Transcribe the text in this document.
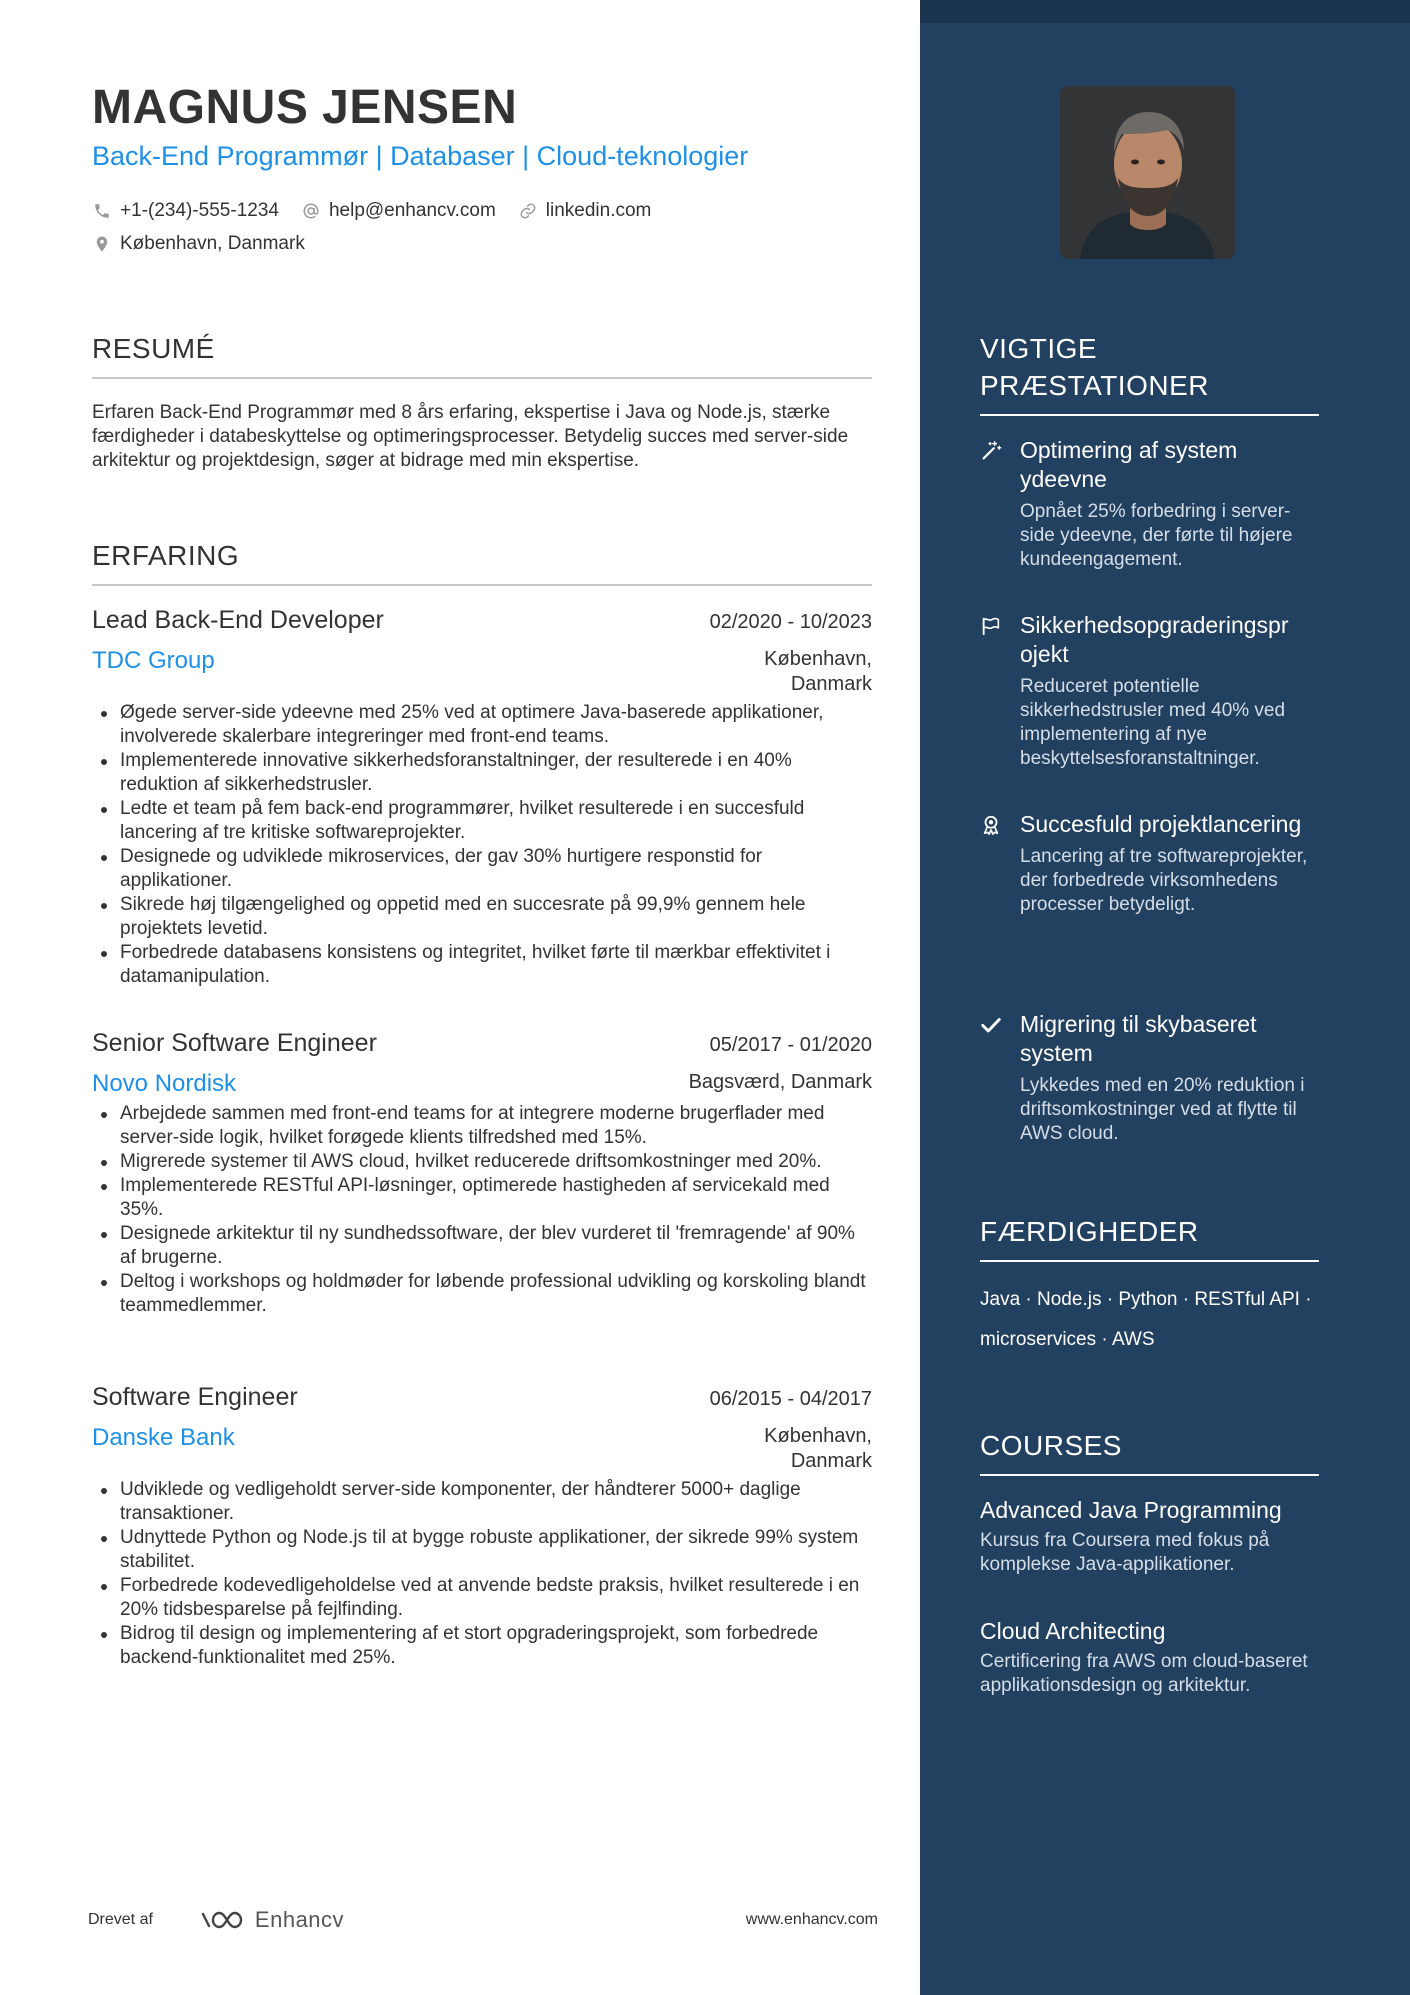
MAGNUS JENSEN
Back-End Programmør | Databaser | Cloud-teknologier
+1-(234)-555-1234	help@enhancv.com	linkedin.com
København, Danmark
RESUMÉ
Erfaren Back-End Programmør med 8 års erfaring, ekspertise i Java og Node.js, stærke færdigheder i databeskyttelse og optimeringsprocesser. Betydelig succes med server-side arkitektur og projektdesign, søger at bidrage med min ekspertise.
ERFARING
Lead Back-End Developer	02/2020 - 10/2023
TDC Group	København,
Danmark
Øgede server-side ydeevne med 25% ved at optimere Java-baserede applikationer, involverede skalerbare integreringer med front-end teams.
Implementerede innovative sikkerhedsforanstaltninger, der resulterede i en 40% reduktion af sikkerhedstrusler.
Ledte et team på fem back-end programmører, hvilket resulterede i en succesfuld lancering af tre kritiske softwareprojekter.
Designede og udviklede mikroservices, der gav 30% hurtigere responstid for applikationer.
Sikrede høj tilgængelighed og oppetid med en succesrate på 99,9% gennem hele projektets levetid.
Forbedrede databasens konsistens og integritet, hvilket førte til mærkbar effektivitet i datamanipulation.
Senior Software Engineer	05/2017 - 01/2020
Novo Nordisk	Bagsværd, Danmark
Arbejdede sammen med front-end teams for at integrere moderne brugerflader med server-side logik, hvilket forøgede klients tilfredshed med 15%.
Migrerede systemer til AWS cloud, hvilket reducerede driftsomkostninger med 20%.
Implementerede RESTful API-løsninger, optimerede hastigheden af servicekald med 35%.
Designede arkitektur til ny sundhedssoftware, der blev vurderet til 'fremragende' af 90% af brugerne.
Deltog i workshops og holdmøder for løbende professional udvikling og korskoling blandt teammedlemmer.
Software Engineer	06/2015 - 04/2017
Danske Bank	København,
Danmark
Udviklede og vedligeholdt server-side komponenter, der håndterer 5000+ daglige transaktioner.
Udnyttede Python og Node.js til at bygge robuste applikationer, der sikrede 99% system stabilitet.
Forbedrede kodevedligeholdelse ved at anvende bedste praksis, hvilket resulterede i en 20% tidsbesparelse på fejlfinding.
Bidrog til design og implementering af et stort opgraderingsprojekt, som forbedrede backend-funktionalitet med 25%.
Drevet af	Enhancv	www.enhancv.com
VIGTIGE
PRÆSTATIONER
Optimering af system ydeevne
Opnået 25% forbedring i server-side ydeevne, der førte til højere kundeengagement.
Sikkerhedsopgraderingspr ojekt
Reduceret potentielle sikkerhedstrusler med 40% ved implementering af nye beskyttelsesforanstaltninger.
Succesfuld projektlancering
Lancering af tre softwareprojekter, der forbedrede virksomhedens processer betydeligt.
Migrering til skybaseret system
Lykkedes med en 20% reduktion i driftsomkostninger ved at flytte til AWS cloud.
FÆRDIGHEDER
Java · Node.js · Python · RESTful API ·
microservices · AWS
COURSES
Advanced Java Programming
Kursus fra Coursera med fokus på komplekse Java-applikationer.
Cloud Architecting
Certificering fra AWS om cloud-baseret applikationsdesign og arkitektur.
